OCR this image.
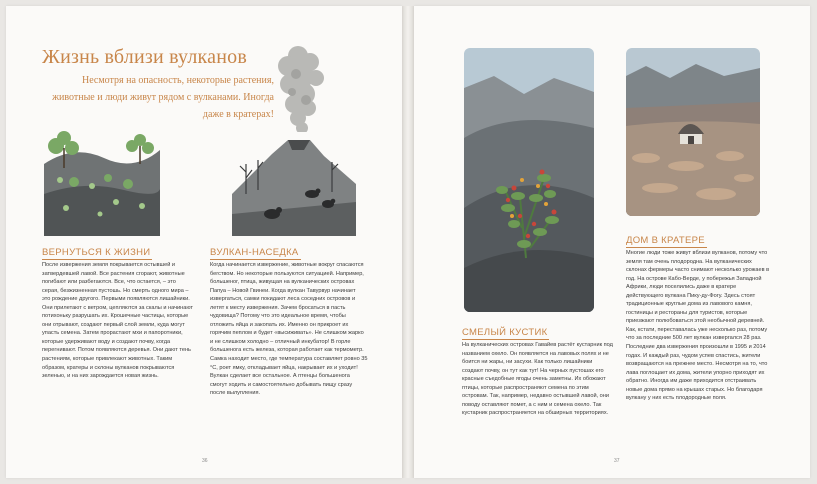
Жизнь вблизи вулканов
Несмотря на опасность, некоторые растения, животные и люди живут рядом с вулканами. Иногда даже в кратерах!
ВЕРНУТЬСЯ К ЖИЗНИ
После извержения земля покрывается остывшей и затвердевшей лавой. Все растения сгорают, животные погибают или разбегаются. Все, что остается, – это серая, безжизненная пустошь. Но смерть одного мира – это рождение другого. Первыми появляются лишайники. Они прилетают с ветром, цепляются за скалы и начинают потихоньку разрушать их. Крошечные частицы, которые они отрывают, создают первый слой земли, куда могут упасть семена. Затем прорастают мхи и папоротники, которые удерживают воду и создают почву, когда перегнивают. Потом появляются деревья. Они дают тень растениям, которые привлекают животных. Таким образом, кратеры и склоны вулканов покрываются зеленью, и на них зарождается новая жизнь.
ВУЛКАН-НАСЕДКА
Когда начинается извержение, животные вокруг спасаются бегством. Но некоторые пользуются ситуацией. Например, большеног, птица, живущая на вулканических островах Папуа – Новой Гвинеи. Когда вулкан Тавурвур начинает извергаться, самки покидают леса соседних островов и летят к месту извержения. Зачем бросаться в пасть чудовища? Потому что это идеальное время, чтобы отложить яйца и закопать их. Именно он прикроет их горячим пеплом и будет «высиживать». Не слишком жарко и не слишком холодно – отличный инкубатор! В горле большенога есть железа, которая работает как термометр. Самка находит место, где температура составляет ровно 35 °C, роет ямку, откладывает яйца, накрывает их и уходит! Вулкан сделает все остальное. А птенцы большенога смогут ходить и самостоятельно добывать пищу сразу после вылупления.
36
СМЕЛЫЙ КУСТИК
На вулканических островах Гавайев растёт кустарник под названием охело. Он появляется на лавовых полях и не боится ни жары, ни засухи. Как только лишайники создают почву, он тут как тут! На черных пустошах его красные съедобные ягоды очень заметны. Их обожают птицы, которые распространяют семена по этим островам. Так, например, недавно остывшей лавой, они поводу оставляют помет, а с ним и семена охело. Так кустарник распространяется на обширных территориях.
ДОМ В КРАТЕРЕ
Многие люди тоже живут вблизи вулканов, потому что земля там очень плодородна. На вулканических склонах фермеры часто снимают несколько урожаев в год. На острове Кабо-Верде, у побережья Западной Африки, люди поселились даже в кратере действующего вулкана Пику-ду-Фогу. Здесь стоят традиционные круглые дома из лавового камня, гостиницы и рестораны для туристов, которые приезжают полюбоваться этой необычной деревней. Как, кстати, переставалась уже несколько раз, потому что за последние 500 лет вулкан извергался 28 раз. Последние два извержения произошли в 1995 и 2014 годах. И каждый раз, чудом успев спастись, жители возвращаются на прежнее место. Несмотря на то, что лава поглощает их дома, жители упорно приходят их обратно. Иногда им даже приходится отстраивать новые дома прямо на крышах старых. Но благодаря вулкану у них есть плодородные поля.
37
